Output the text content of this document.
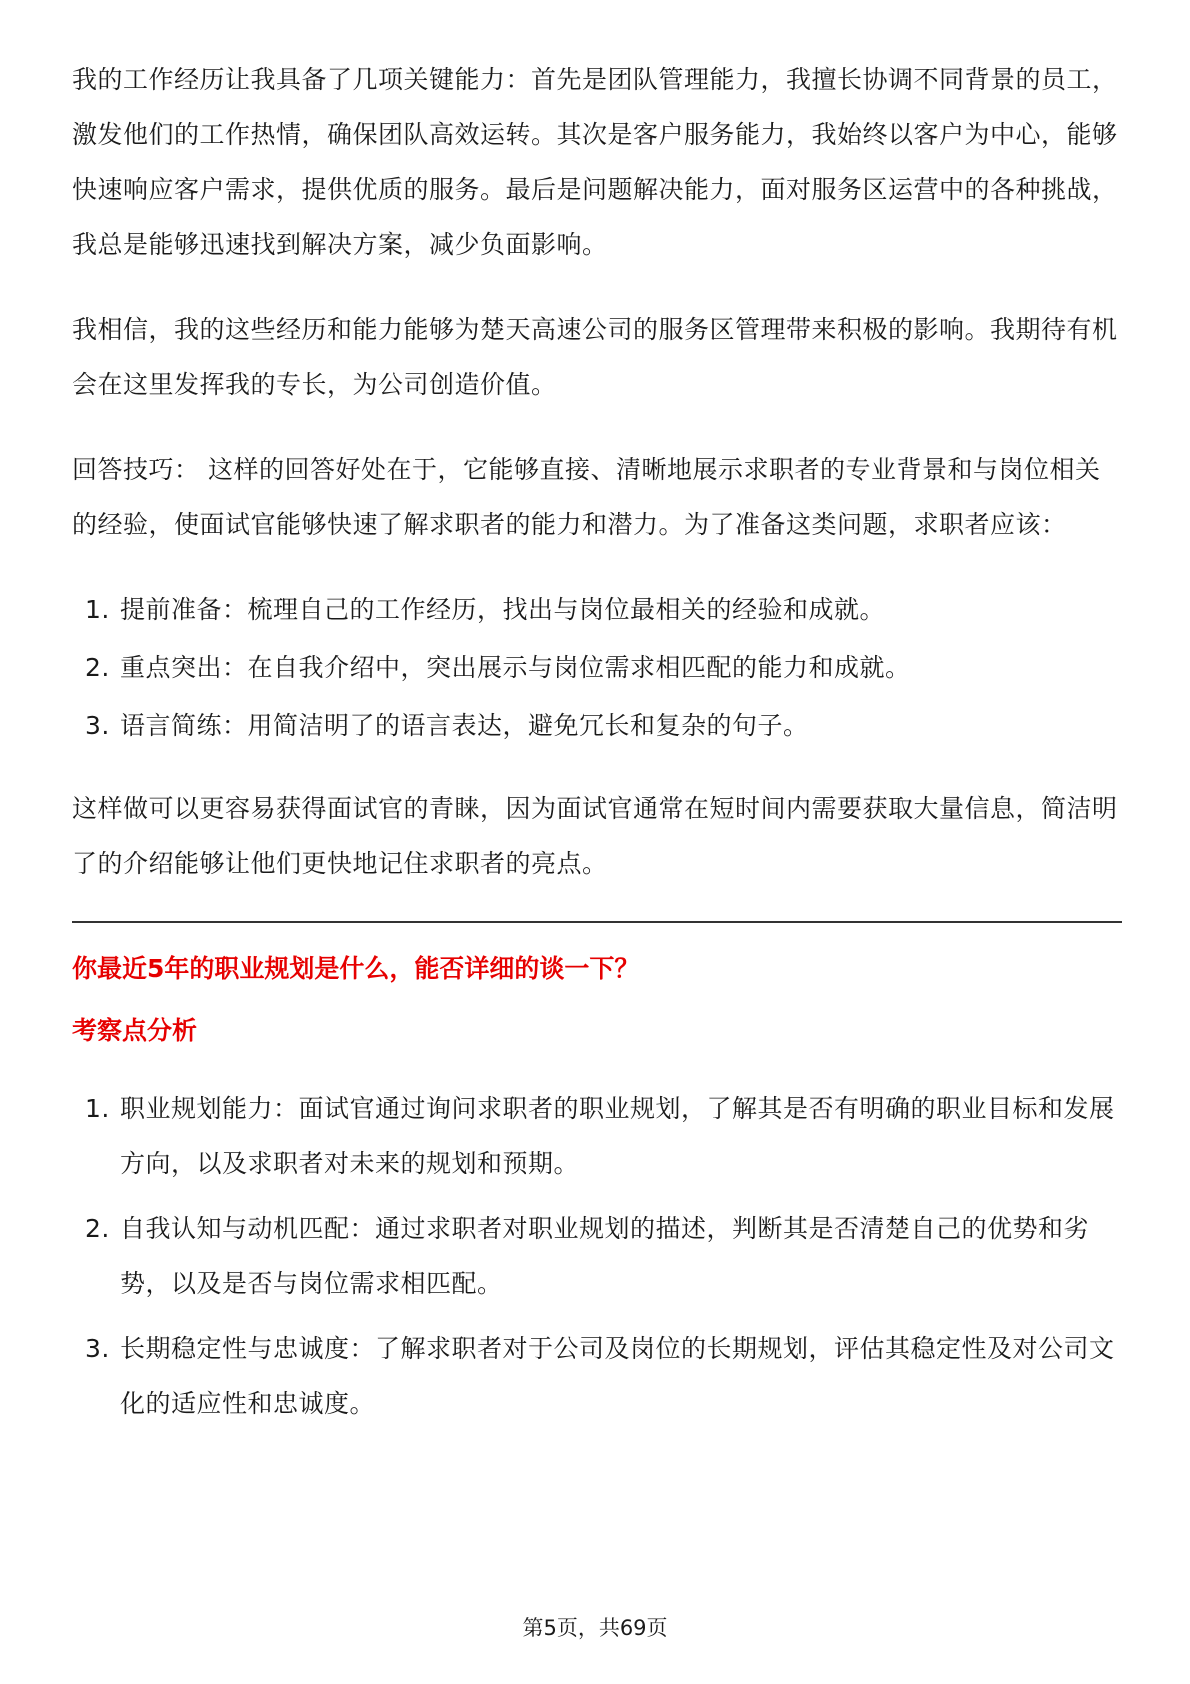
我的工作经历让我具备了几项关键能力：首先是团队管理能力，我擅长协调不同背景的员工，激发他们的工作热情，确保团队高效运转。其次是客户服务能力，我始终以客户为中心，能够快速响应客户需求，提供优质的服务。最后是问题解决能力，面对服务区运营中的各种挑战，我总是能够迅速找到解决方案，减少负面影响。

我相信，我的这些经历和能力能够为楚天高速公司的服务区管理带来积极的影响。我期待有机会在这里发挥我的专长，为公司创造价值。

回答技巧： 这样的回答好处在于，它能够直接、清晰地展示求职者的专业背景和与岗位相关的经验，使面试官能够快速了解求职者的能力和潜力。为了准备这类问题，求职者应该：

1. 提前准备：梳理自己的工作经历，找出与岗位最相关的经验和成就。
2. 重点突出：在自我介绍中，突出展示与岗位需求相匹配的能力和成就。
3. 语言简练：用简洁明了的语言表达，避免冗长和复杂的句子。

这样做可以更容易获得面试官的青睐，因为面试官通常在短时间内需要获取大量信息，简洁明了的介绍能够让他们更快地记住求职者的亮点。

你最近5年的职业规划是什么，能否详细的谈一下？
考察点分析
1. 职业规划能力：面试官通过询问求职者的职业规划，了解其是否有明确的职业目标和发展方向，以及求职者对未来的规划和预期。
2. 自我认知与动机匹配：通过求职者对职业规划的描述，判断其是否清楚自己的优势和劣势，以及是否与岗位需求相匹配。
3. 长期稳定性与忠诚度：了解求职者对于公司及岗位的长期规划，评估其稳定性及对公司文化的适应性和忠诚度。
第5页，共69页
